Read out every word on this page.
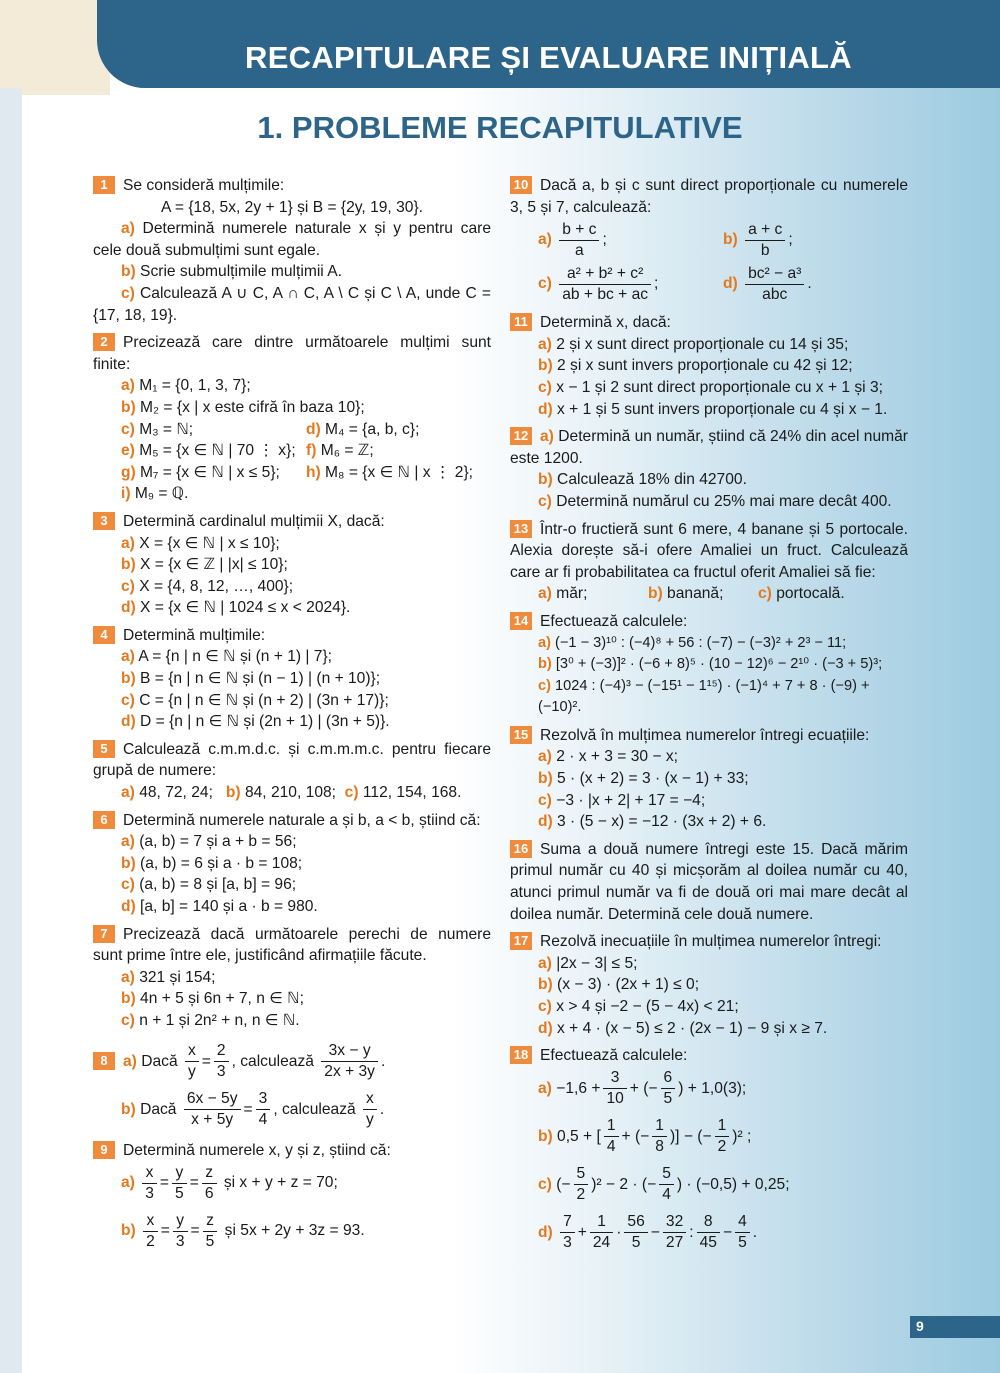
RECAPITULARE ȘI EVALUARE INIȚIALĂ
1. PROBLEME RECAPITULATIVE
1 Se consideră mulțimile:
A = {18, 5x, 2y + 1} și B = {2y, 19, 30}.
a) Determină numerele naturale x și y pentru care cele două submulțimi sunt egale.
b) Scrie submulțimile mulțimii A.
c) Calculează A ∪ C, A ∩ C, A \ C și C \ A, unde C = {17, 18, 19}.
2 Precizează care dintre următoarele mulțimi sunt finite:
a) M₁ = {0, 1, 3, 7};
b) M₂ = {x | x este cifră în baza 10};
c) M₃ = ℕ;	d) M₄ = {a, b, c};
e) M₅ = {x ∈ ℕ | 70 ⋮ x}; f) M₆ = ℤ;
g) M₇ = {x ∈ ℕ | x ≤ 5};	h) M₈ = {x ∈ ℕ | x ⋮ 2};
i) M₉ = ℚ.
3 Determină cardinalul mulțimii X, dacă:
a) X = {x ∈ ℕ | x ≤ 10};
b) X = {x ∈ ℤ | |x| ≤ 10};
c) X = {4, 8, 12, …, 400};
d) X = {x ∈ ℕ | 1024 ≤ x < 2024}.
4 Determină mulțimile:
a) A = {n | n ∈ ℕ și (n + 1) | 7};
b) B = {n | n ∈ ℕ și (n − 1) | (n + 10)};
c) C = {n | n ∈ ℕ și (n + 2) | (3n + 17)};
d) D = {n | n ∈ ℕ și (2n + 1) | (3n + 5)}.
5 Calculează c.m.m.d.c. și c.m.m.m.c. pentru fiecare grupă de numere:
a) 48, 72, 24; b) 84, 210, 108; c) 112, 154, 168.
6 Determină numerele naturale a și b, a < b, știind că:
a) (a, b) = 7 și a + b = 56;
b) (a, b) = 6 și a · b = 108;
c) (a, b) = 8 și [a, b] = 96;
d) [a, b] = 140 și a · b = 980.
7 Precizează dacă următoarele perechi de numere sunt prime între ele, justificând afirmațiile făcute.
a) 321 și 154;
b) 4n + 5 și 6n + 7, n ∈ ℕ;
c) n + 1 și 2n² + n, n ∈ ℕ.
8 a) Dacă $\frac{x}{y} = \frac{2}{3}$ , calculează $\frac{3x - y}{2x + 3y}$ .
b) Dacă $\frac{6x - 5y}{x + 5y} = \frac{3}{4}$ , calculează $\frac{x}{y}$ .
9 Determină numerele x, y și z, știind că:
$a) \frac{x}{3} = \frac{y}{5} = \frac{z}{6}$ și x + y + z = 70;
$b) \frac{x}{2} = \frac{y}{3} = \frac{z}{5}$ și 5x + 2y + 3z = 93.
10 Dacă a, b și c sunt direct proporționale cu numerele 3, 5 și 7, calculează:
$a) \frac{b + c}{a}$ ;	$b) \frac{a + c}{b}$ ;
$c) \frac{\text{a² + b² + c²}}{ab + bc + ac}$ ;	$d) \frac{\text{bc² − a³}}{\text{abc}}$ .
11 Determină x, dacă:
a) 2 și x sunt direct proporționale cu 14 și 35;
b) 2 și x sunt invers proporționale cu 42 și 12;
c) x − 1 și 2 sunt direct proporționale cu x + 1 și 3;
d) x + 1 și 5 sunt invers proporționale cu 4 și x − 1.
12 a) Determină un număr, știind că 24% din acel număr este 1200.
b) Calculează 18% din 42700.
c) Determină numărul cu 25% mai mare decât 400.
13 Într-o fructieră sunt 6 mere, 4 banane și 5 portocale. Alexia dorește să-i ofere Amaliei un fruct. Calculează care ar fi probabilitatea ca fructul oferit Amaliei să fie:
a) măr;	b) banană;	c) portocală.
14 Efectuează calculele:
a) (−1 − 3)¹⁰ : (−4)⁸ + 56 : (−7) − (−3)² + 2³ − 11;
b) [3⁰ + (−3)]² · (−6 + 8)⁵ · (10 − 12)⁶ − 2¹⁰ · (−3 + 5)³;
c) 1024 : (−4)³ − (−15¹ − 1¹⁵) · (−1)⁴ + 7 + 8 · (−9) + (−10)².
15 Rezolvă în mulțimea numerelor întregi ecuațiile:
a) 2 · x + 3 = 30 − x;
b) 5 · (x + 2) = 3 · (x − 1) + 33;
c) −3 · |x + 2| + 17 = −4;
d) 3 · (5 − x) = −12 · (3x + 2) + 6.
16 Suma a două numere întregi este 15. Dacă mărim primul număr cu 40 și micșorăm al doilea număr cu 40, atunci primul număr va fi de două ori mai mare decât al doilea număr. Determină cele două numere.
17 Rezolvă inecuațiile în mulțimea numerelor întregi:
a) |2x − 3| ≤ 5;
b) (x − 3) · (2x + 1) ≤ 0;
c) x > 4 și −2 − (5 − 4x) < 21;
d) x + 4 · (x − 5) ≤ 2 · (2x − 1) − 9 și x ≥ 7.
18 Efectuează calculele:
$a) -1,6 + \frac{3}{10}$ + (− $\frac{6}{5}$ ) + 1,0(3);
b) 0,5 + [ $\frac{1}{4}$ + (− $\frac{1}{8}$ )] − (− $\frac{1}{2} )^2$ ;
c) (− $\frac{5}{2} )^2 - 2$ · (− $\frac{5}{4}$ ) · (−0,5) + 0,25;
$d) \frac{7}{3} + \frac{1}{24} \cdot \frac{56}{5} - \frac{32}{27}$ : $\frac{8}{45} - \frac{4}{5}$ .
9
